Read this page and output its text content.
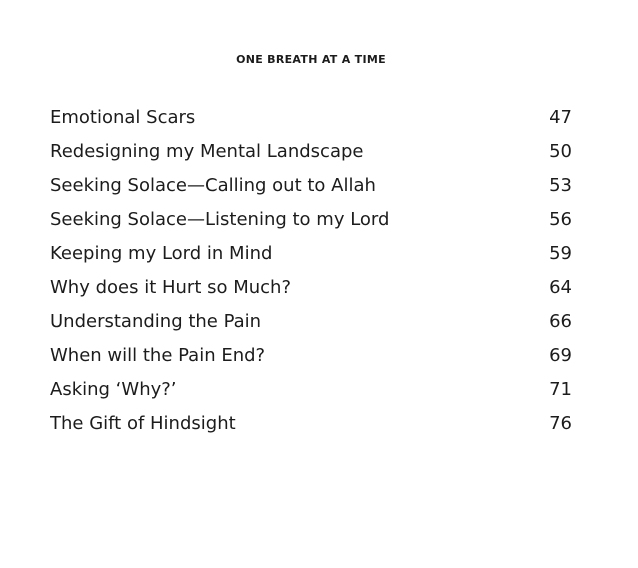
ONE BREATH AT A TIME
Emotional Scars	47
Redesigning my Mental Landscape	50
Seeking Solace—Calling out to Allah	53
Seeking Solace—Listening to my Lord	56
Keeping my Lord in Mind	59
Why does it Hurt so Much?	64
Understanding the Pain	66
When will the Pain End?	69
Asking ‘Why?’	71
The Gift of Hindsight	76
